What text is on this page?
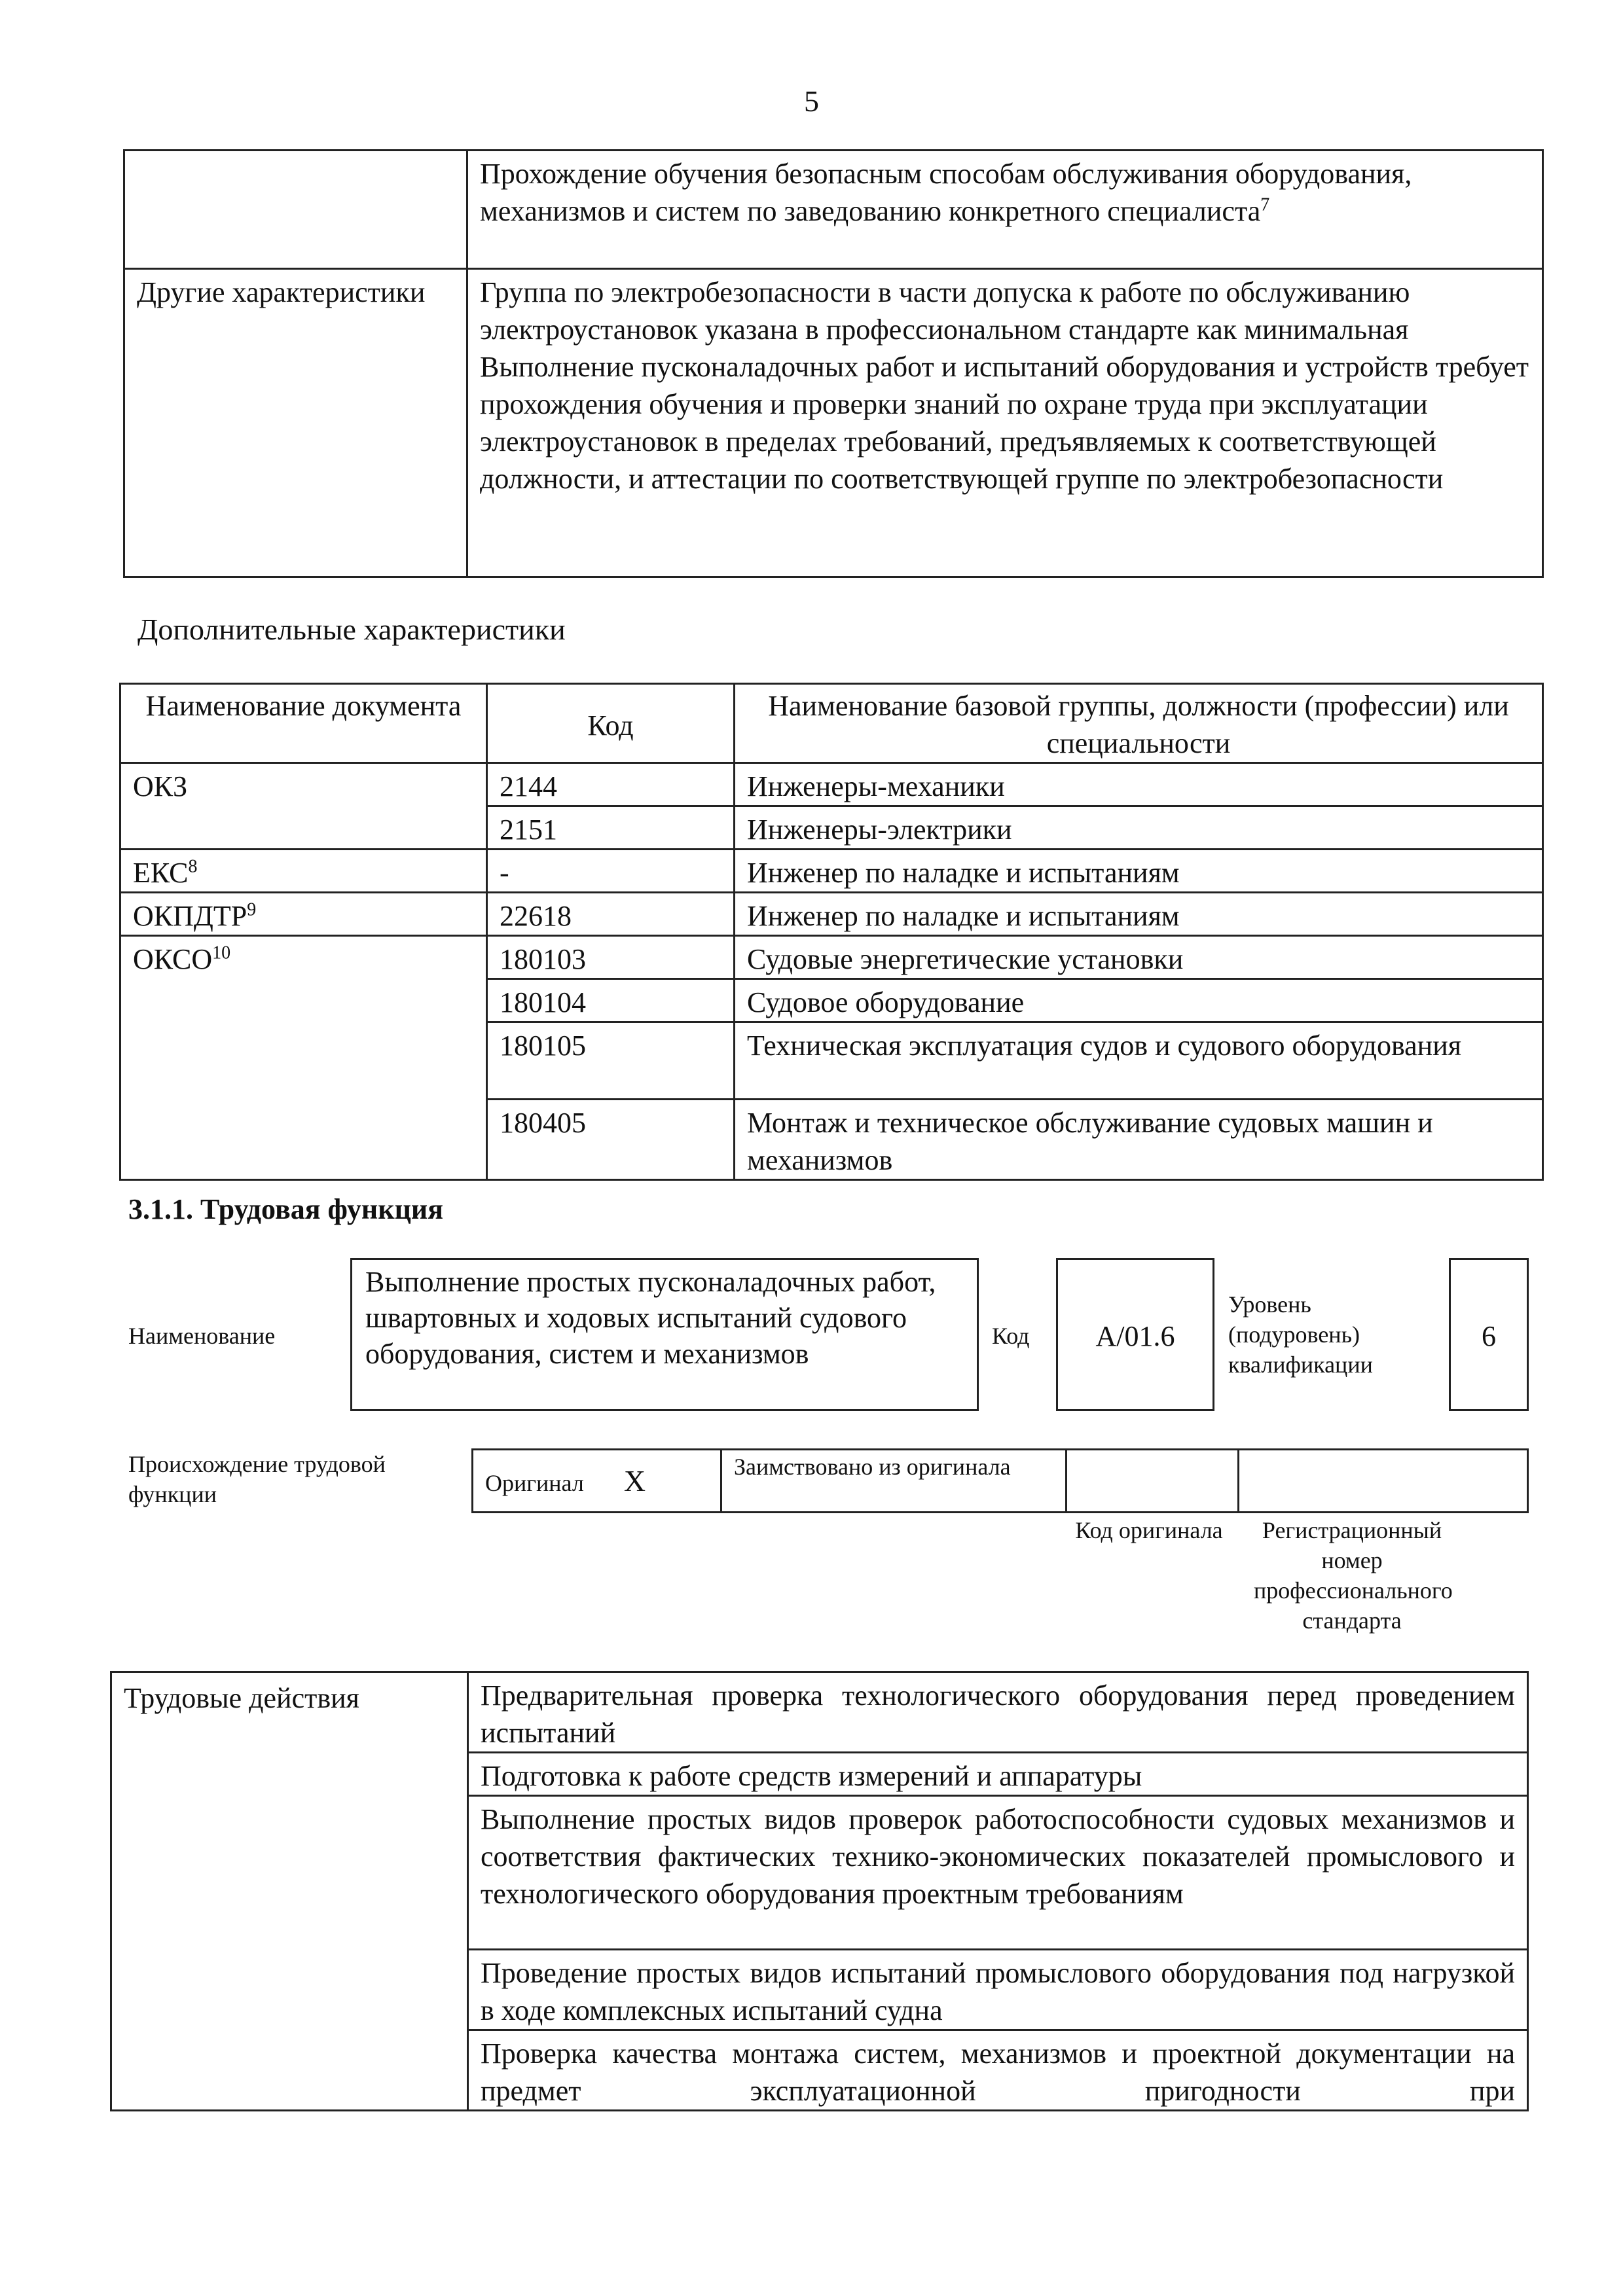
5
	Прохождение обучения безопасным способам обслуживания оборудования, механизмов и систем по заведованию конкретного специалиста$^7$
Другие характеристики	Группа по электробезопасности в части допуска к работе по обслуживанию электроустановок указана в профессиональном стандарте как минимальная
Выполнение пусконаладочных работ и испытаний оборудования и устройств требует прохождения обучения и проверки знаний по охране труда при эксплуатации электроустановок в пределах требований, предъявляемых к соответствующей должности, и аттестации по соответствующей группе по электробезопасности
Дополнительные характеристики
Наименование документа	Код	Наименование базовой группы, должности (профессии) или специальности
ОКЗ	2144	Инженеры-механики
	2151	Инженеры-электрики
ЕКС$^8$	-	Инженер по наладке и испытаниям
ОКПДТР$^9$	22618	Инженер по наладке и испытаниям
ОКСО$^{10}$	180103	Судовые энергетические установки
	180104	Судовое оборудование
	180105	Техническая эксплуатация судов и судового оборудования
	180405	Монтаж и техническое обслуживание судовых машин и механизмов
3.1.1. Трудовая функция
Наименование
Выполнение простых пусконаладочных работ, швартовных и ходовых испытаний судового оборудования, систем и механизмов
Код	A/01.6
Уровень (подуровень) квалификации
6
Происхождение трудовой функции	Оригинал X	Заимствовано из оригинала		
Код оригинала	Регистрационный номер профессионального стандарта
Трудовые действия	Предварительная проверка технологического оборудования перед проведением испытаний

Подготовка к работе средств измерений и аппаратуры

Выполнение простых видов проверок работоспособности судовых механизмов и соответствия фактических технико-экономических показателей промыслового и технологического оборудования проектным требованиям

Проведение простых видов испытаний промыслового оборудования под нагрузкой в ходе комплексных испытаний судна

Проверка качества монтажа систем, механизмов и проектной документации на предмет эксплуатационной пригодности при
